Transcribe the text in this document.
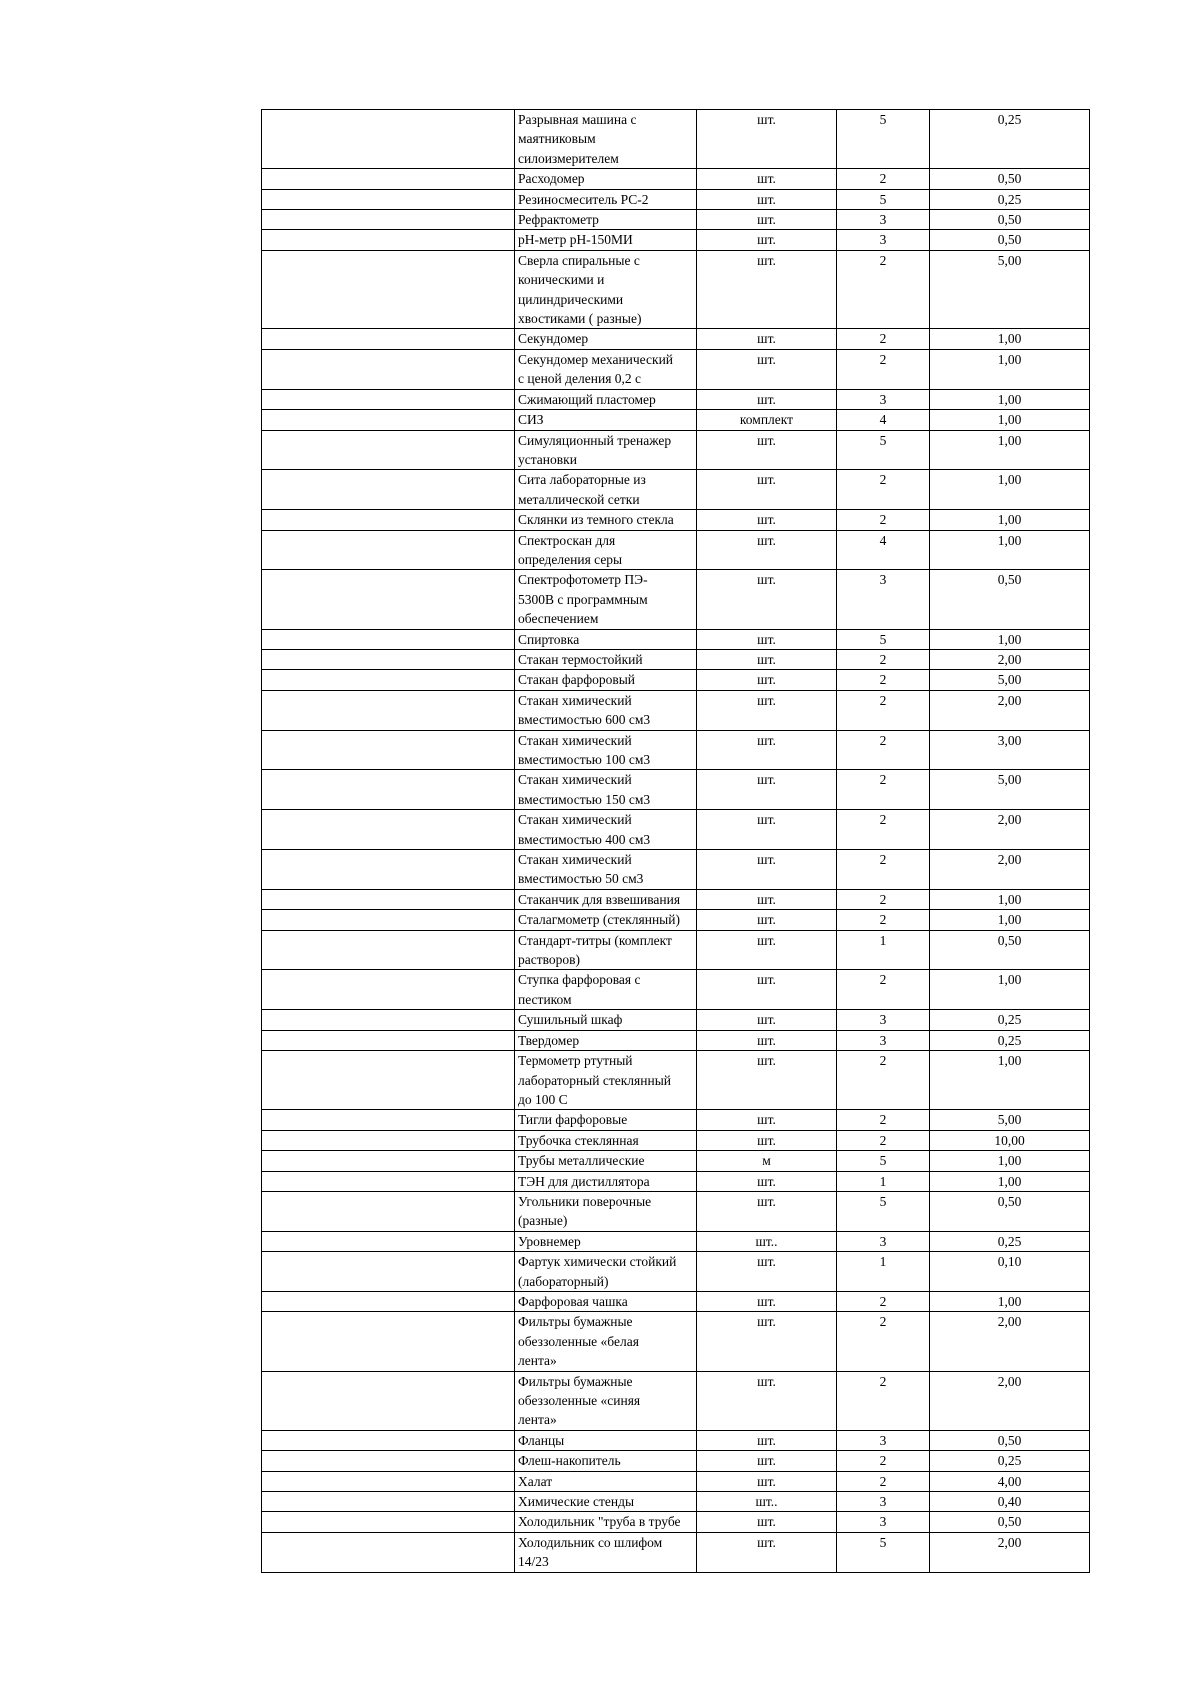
	Разрывная машина с
маятниковым
силоизмерителем	шт.	5	0,25
	Расходомер	шт.	2	0,50
	Резиносмеситель РС-2	шт.	5	0,25
	Рефрактометр	шт.	3	0,50
	pH-метр pH-150МИ	шт.	3	0,50
	Сверла спиральные с
коническими и
цилиндрическими
хвостиками ( разные)	шт.	2	5,00
	Секундомер	шт.	2	1,00
	Секундомер механический
с ценой деления 0,2 с	шт.	2	1,00
	Сжимающий пластомер	шт.	3	1,00
	СИЗ	комплект	4	1,00
	Симуляционный тренажер
установки	шт.	5	1,00
	Сита лабораторные из
металлической сетки	шт.	2	1,00
	Склянки из темного стекла	шт.	2	1,00
	Спектроскан для
определения серы	шт.	4	1,00
	Спектрофотометр ПЭ-
5300В с программным
обеспечением	шт.	3	0,50
	Спиртовка	шт.	5	1,00
	Стакан термостойкий	шт.	2	2,00
	Стакан фарфоровый	шт.	2	5,00
	Стакан химический
вместимостью 600 см3	шт.	2	2,00
	Стакан химический
вместимостью 100 см3	шт.	2	3,00
	Стакан химический
вместимостью 150 см3	шт.	2	5,00
	Стакан химический
вместимостью 400 см3	шт.	2	2,00
	Стакан химический
вместимостью 50 см3	шт.	2	2,00
	Стаканчик для взвешивания	шт.	2	1,00
	Сталагмометр (стеклянный)	шт.	2	1,00
	Стандарт-титры (комплект
растворов)	шт.	1	0,50
	Ступка фарфоровая с
пестиком	шт.	2	1,00
	Сушильный шкаф	шт.	3	0,25
	Твердомер	шт.	3	0,25
	Термометр ртутный
лабораторный стеклянный
до 100 С	шт.	2	1,00
	Тигли фарфоровые	шт.	2	5,00
	Трубочка стеклянная	шт.	2	10,00
	Трубы металлические	м	5	1,00
	ТЭН для дистиллятора	шт.	1	1,00
	Угольники поверочные
(разные)	шт.	5	0,50
	Уровнемер	шт..	3	0,25
	Фартук химически стойкий
(лабораторный)	шт.	1	0,10
	Фарфоровая чашка	шт.	2	1,00
	Фильтры бумажные
обеззоленные «белая
лента»	шт.	2	2,00
	Фильтры бумажные
обеззоленные «синяя
лента»	шт.	2	2,00
	Фланцы	шт.	3	0,50
	Флеш-накопитель	шт.	2	0,25
	Халат	шт.	2	4,00
	Химические стенды	шт..	3	0,40
	Холодильник "труба в трубе	шт.	3	0,50
	Холодильник со шлифом
14/23	шт.	5	2,00
